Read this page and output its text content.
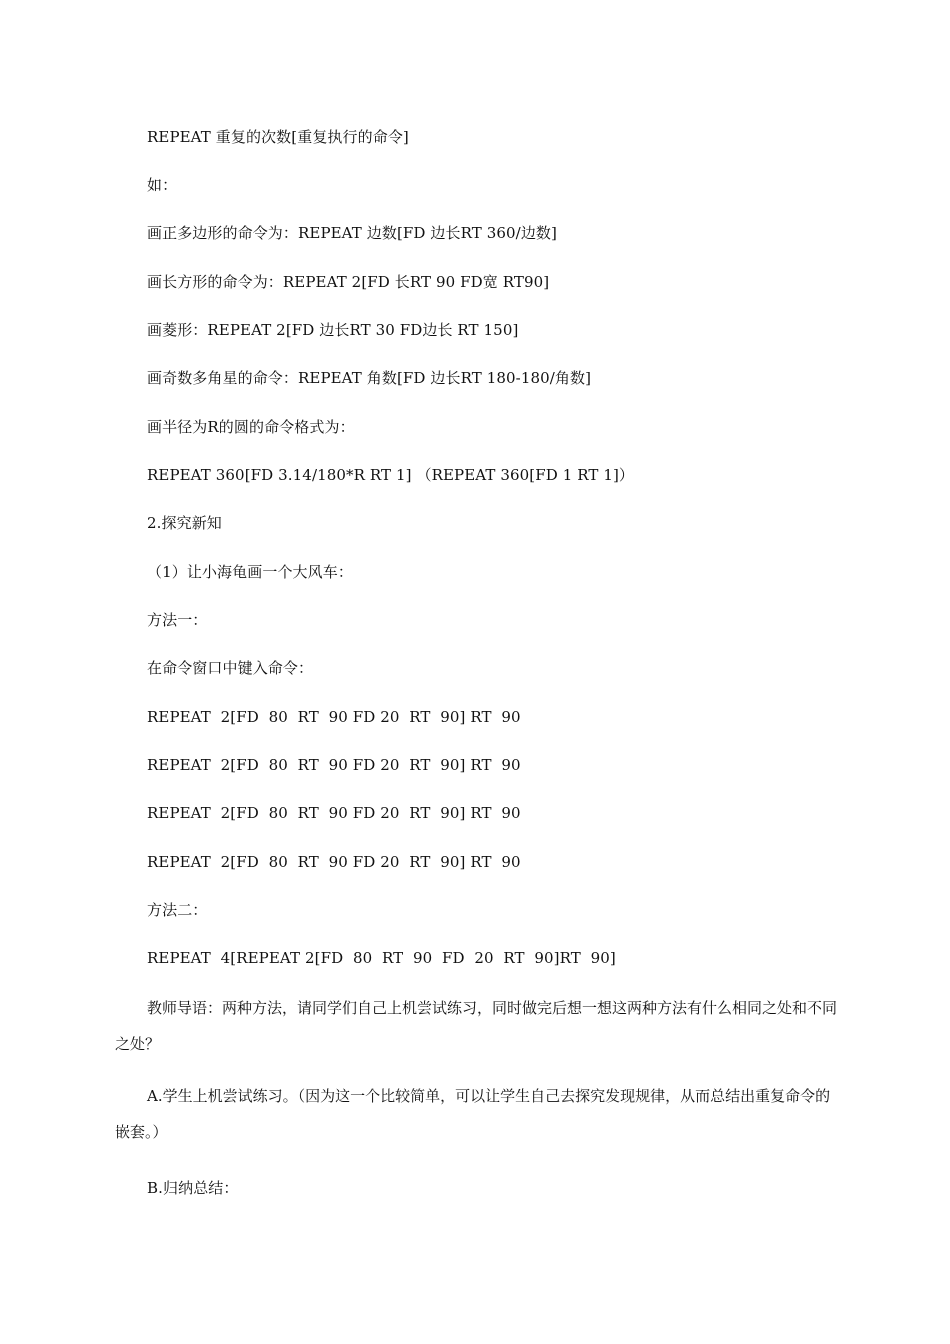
REPEAT 重复的次数[重复执行的命令]
如：
画正多边形的命令为：REPEAT 边数[FD 边长RT 360/边数]
画长方形的命令为：REPEAT 2[FD 长RT 90 FD宽 RT90]
画菱形：REPEAT 2[FD 边长RT 30 FD边长 RT 150]
画奇数多角星的命令：REPEAT 角数[FD 边长RT 180-180/角数]
画半径为R的圆的命令格式为：
REPEAT 360[FD 3.14/180*R RT 1] （REPEAT 360[FD 1 RT 1]）
2.探究新知
（1）让小海龟画一个大风车：
方法一：
在命令窗口中键入命令：
REPEAT  2[FD  80  RT  90 FD 20  RT  90] RT  90
REPEAT  2[FD  80  RT  90 FD 20  RT  90] RT  90
REPEAT  2[FD  80  RT  90 FD 20  RT  90] RT  90
REPEAT  2[FD  80  RT  90 FD 20  RT  90] RT  90
方法二：
REPEAT  4[REPEAT 2[FD  80  RT  90  FD  20  RT  90]RT  90]
教师导语：两种方法，请同学们自己上机尝试练习，同时做完后想一想这两种方法有什么相同之处和不同之处？
A.学生上机尝试练习。（因为这一个比较简单，可以让学生自己去探究发现规律，从而总结出重复命令的嵌套。）
B.归纳总结：
